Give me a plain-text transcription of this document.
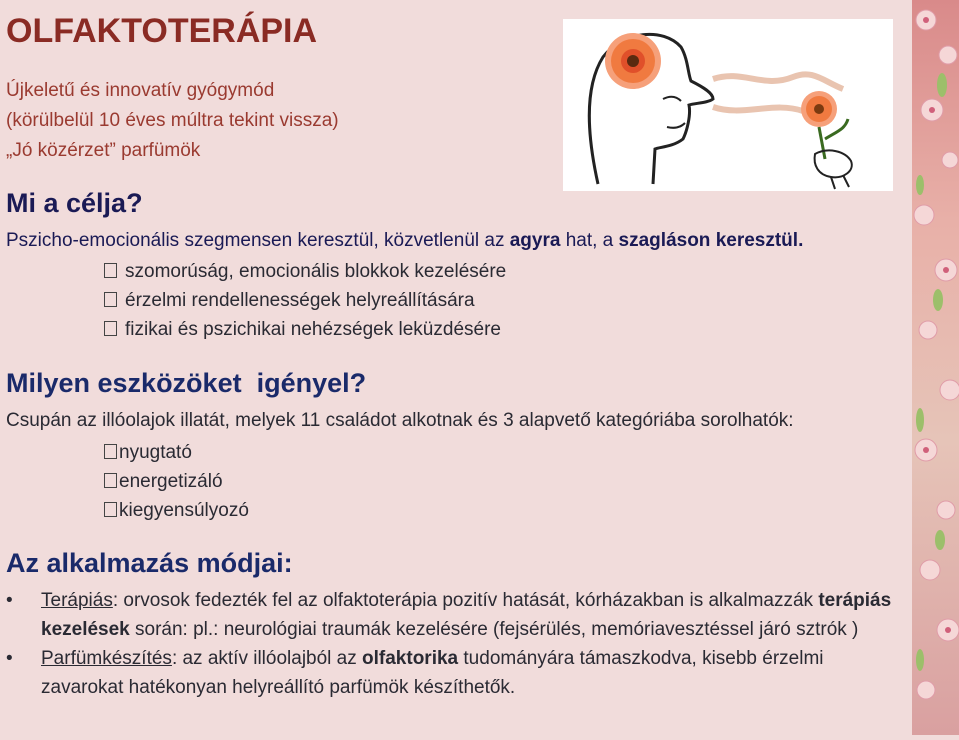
OLFAKTOTERÁPIA
Újkeletű és innovatív gyógymód
(körülbelül 10 éves múltra tekint vissza)
„Jó közérzet” parfümök
Mi a célja?
Pszicho-emocionális szegmensen keresztül, közvetlenül az agyra hat, a szagláson keresztül.
szomorúság, emocionális blokkok kezelésére
érzelmi rendellenességek helyreállítására
fizikai és pszichikai nehézségek leküzdésére
Milyen eszközöket  igényel?
Csupán az illóolajok illatát, melyek 11 családot alkotnak és 3 alapvető kategóriába sorolhatók:
nyugtató
energetizáló
kiegyensúlyozó
Az alkalmazás módjai:
• Terápiás: orvosok fedezték fel az olfaktoterápia pozitív hatását, kórházakban is alkalmazzák terápiás kezelések során: pl.: neurológiai traumák kezelésére (fejsérülés, memóriavesztéssel járó sztrók )
• Parfümkészítés: az aktív illóolajból az olfaktorika tudományára támaszkodva, kisebb érzelmi zavarokat hatékonyan helyreállító parfümök készíthetők.
